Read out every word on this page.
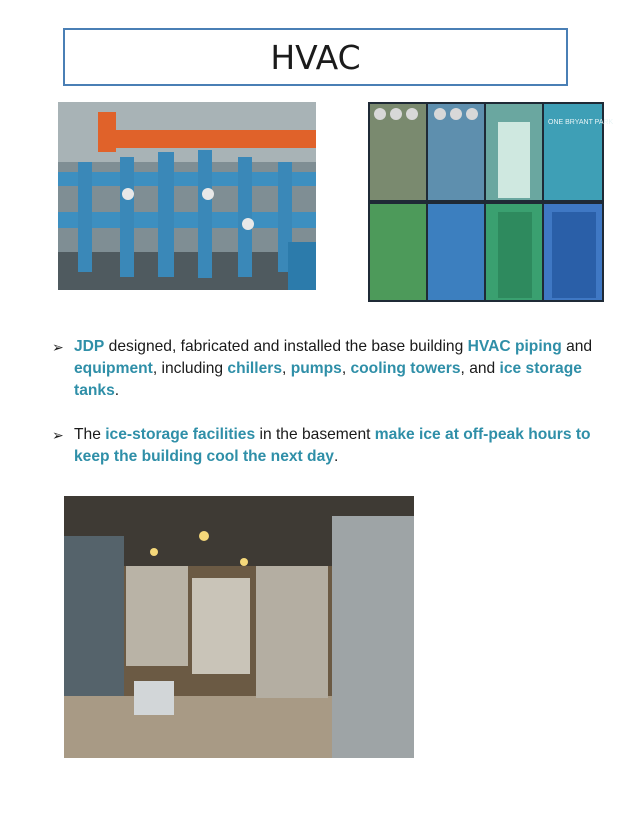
HVAC
ONE BRYANT PARK
➢ JDP designed, fabricated and installed the base building HVAC piping and equipment, including chillers, pumps, cooling towers, and ice storage tanks.
➢ The ice-storage facilities in the basement make ice at off-peak hours to keep the building cool the next day.
